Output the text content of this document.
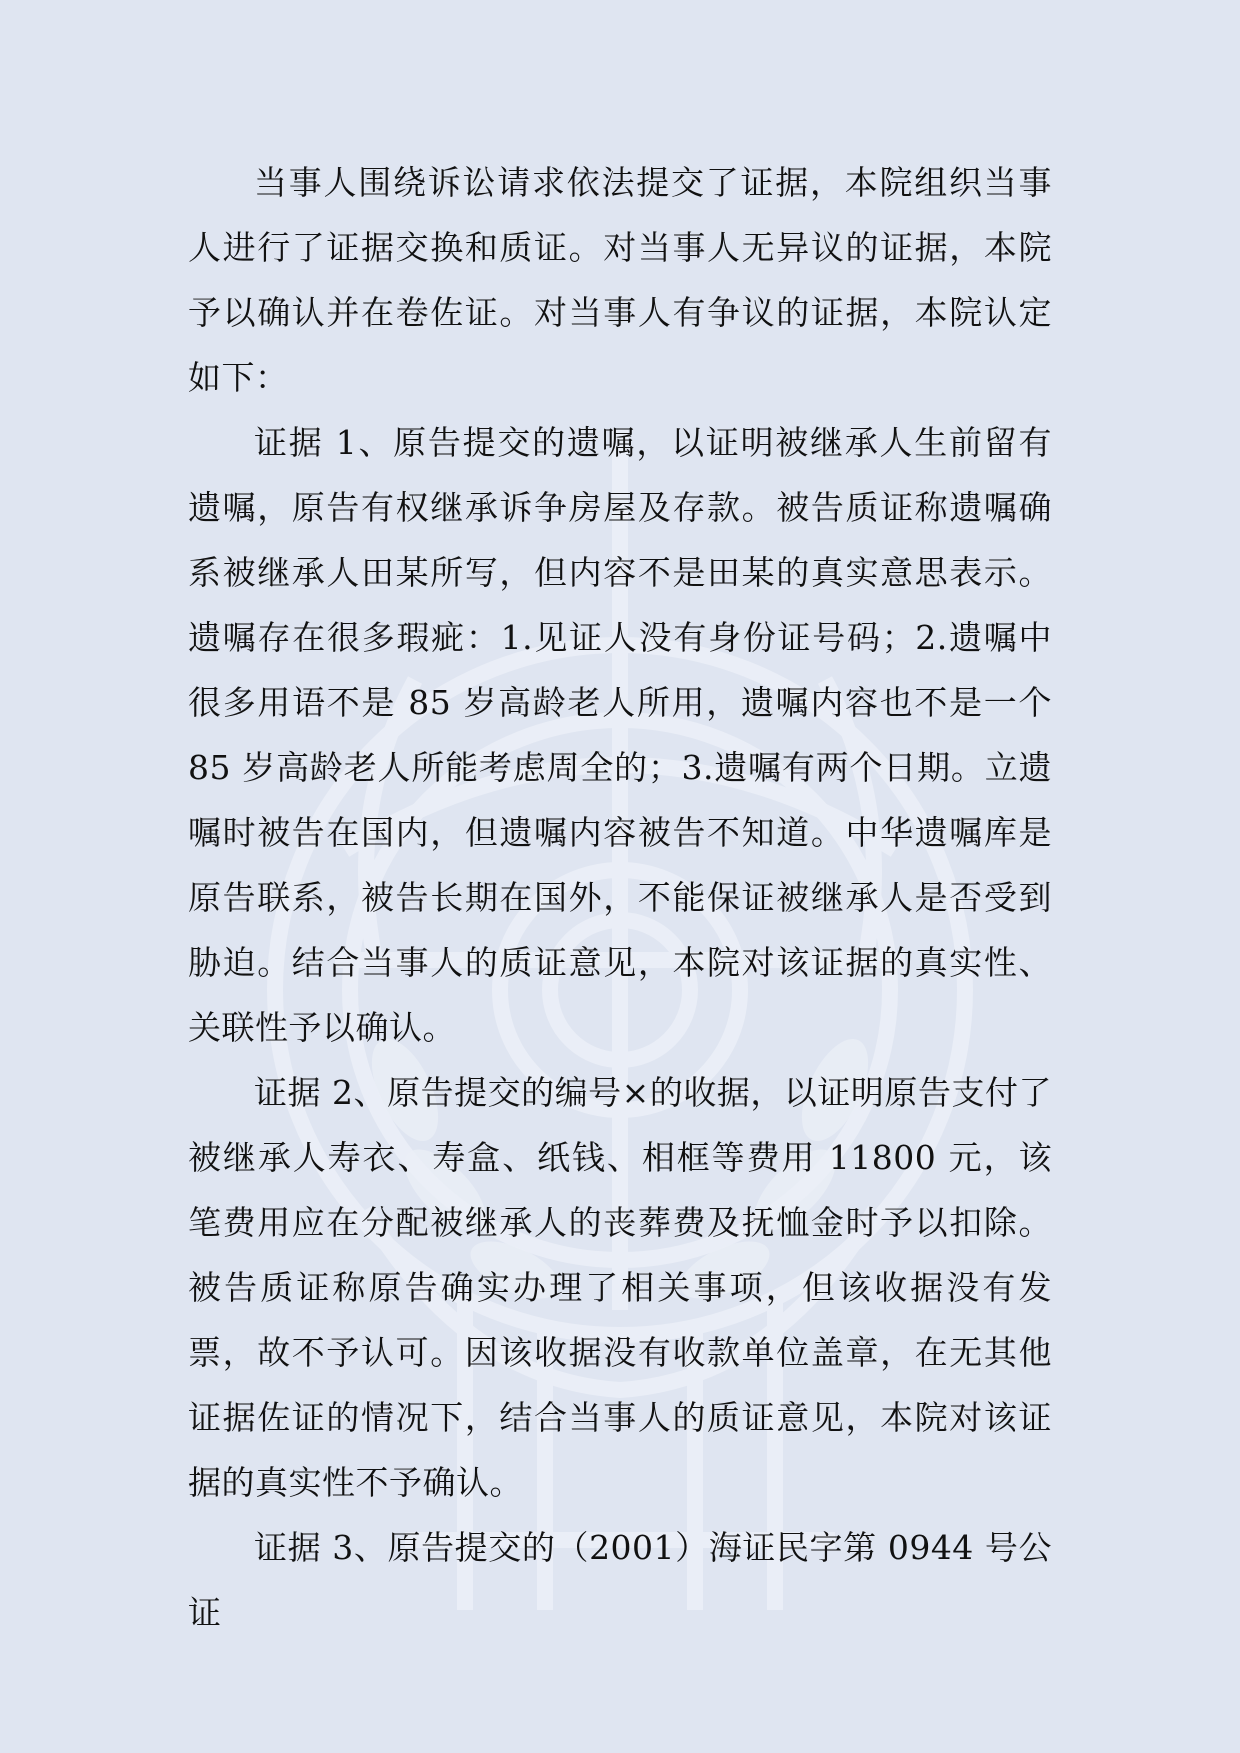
当事人围绕诉讼请求依法提交了证据，本院组织当事人进行了证据交换和质证。对当事人无异议的证据，本院予以确认并在卷佐证。对当事人有争议的证据，本院认定如下：

证据 1、原告提交的遗嘱，以证明被继承人生前留有遗嘱，原告有权继承诉争房屋及存款。被告质证称遗嘱确系被继承人田某所写，但内容不是田某的真实意思表示。遗嘱存在很多瑕疵：1.见证人没有身份证号码；2.遗嘱中很多用语不是 85 岁高龄老人所用，遗嘱内容也不是一个 85 岁高龄老人所能考虑周全的；3.遗嘱有两个日期。立遗嘱时被告在国内，但遗嘱内容被告不知道。中华遗嘱库是原告联系，被告长期在国外，不能保证被继承人是否受到胁迫。结合当事人的质证意见，本院对该证据的真实性、关联性予以确认。

证据 2、原告提交的编号×的收据，以证明原告支付了被继承人寿衣、寿盒、纸钱、相框等费用 11800 元，该笔费用应在分配被继承人的丧葬费及抚恤金时予以扣除。被告质证称原告确实办理了相关事项，但该收据没有发票，故不予认可。因该收据没有收款单位盖章，在无其他证据佐证的情况下，结合当事人的质证意见，本院对该证据的真实性不予确认。

证据 3、原告提交的（2001）海证民字第 0944 号公证
